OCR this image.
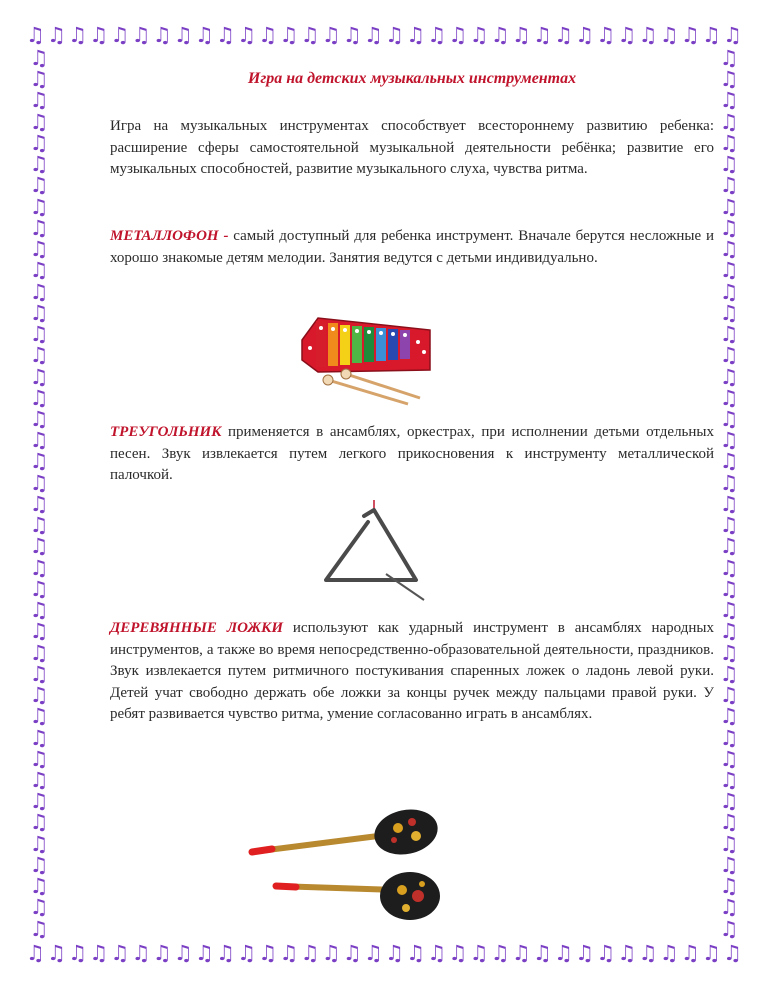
♫ ♫ ♫ ♫ ♫ ♫ ♫ ♫ ♫ ♫ ♫ ♫ ♫ ♫ ♫ ♫ ♫ ♫ ♫ ♫ ♫ ♫ ♫ ♫ ♫ ♫ ♫ ♫ ♫ ♫ ♫ ♫ ♫ ♫
♫ ♫ ♫ ♫ ♫ ♫ ♫ ♫ ♫ ♫ ♫ ♫ ♫ ♫ ♫ ♫ ♫ ♫ ♫ ♫ ♫ ♫ ♫ ♫ ♫ ♫ ♫ ♫ ♫ ♫ ♫ ♫ ♫ ♫
♫
♫
♫
♫
♫
♫
♫
♫
♫
♫
♫
♫
♫
♫
♫
♫
♫
♫
♫
♫
♫
♫
♫
♫
♫
♫
♫
♫
♫
♫
♫
♫
♫
♫
♫
♫
♫
♫
♫
♫
♫
♫
♫
♫
♫
♫
♫
♫
♫
♫
♫
♫
♫
♫
♫
♫
♫
♫
♫
♫
♫
♫
♫
♫
♫
♫
♫
♫
♫
♫
♫
♫
♫
♫
♫
♫
♫
♫
♫
♫
♫
♫
♫
♫
Игра на детских музыкальных инструментах

Игра на музыкальных инструментах способствует всестороннему развитию ребенка: расширение сферы самостоятельной музыкальной деятельности ребёнка; развитие его музыкальных способностей, развитие музыкального слуха, чувства ритма.

МЕТАЛЛОФОН - самый доступный для ребенка инструмент. Вначале берутся несложные и хорошо знакомые детям мелодии. Занятия ведутся с детьми индивидуально.

ТРЕУГОЛЬНИК применяется в ансамблях, оркестрах, при исполнении детьми отдельных песен. Звук извлекается путем легкого прикосновения к инструменту металлической палочкой.

ДЕРЕВЯННЫЕ ЛОЖКИ используют как ударный инструмент в ансамблях народных инструментов, а также во время непосредственно-образовательной деятельности, праздников. Звук извлекается путем ритмичного постукивания спаренных ложек о ладонь левой руки. Детей учат свободно держать обе ложки за концы ручек между пальцами правой руки. У ребят развивается чувство ритма, умение согласованно играть в ансамблях.
